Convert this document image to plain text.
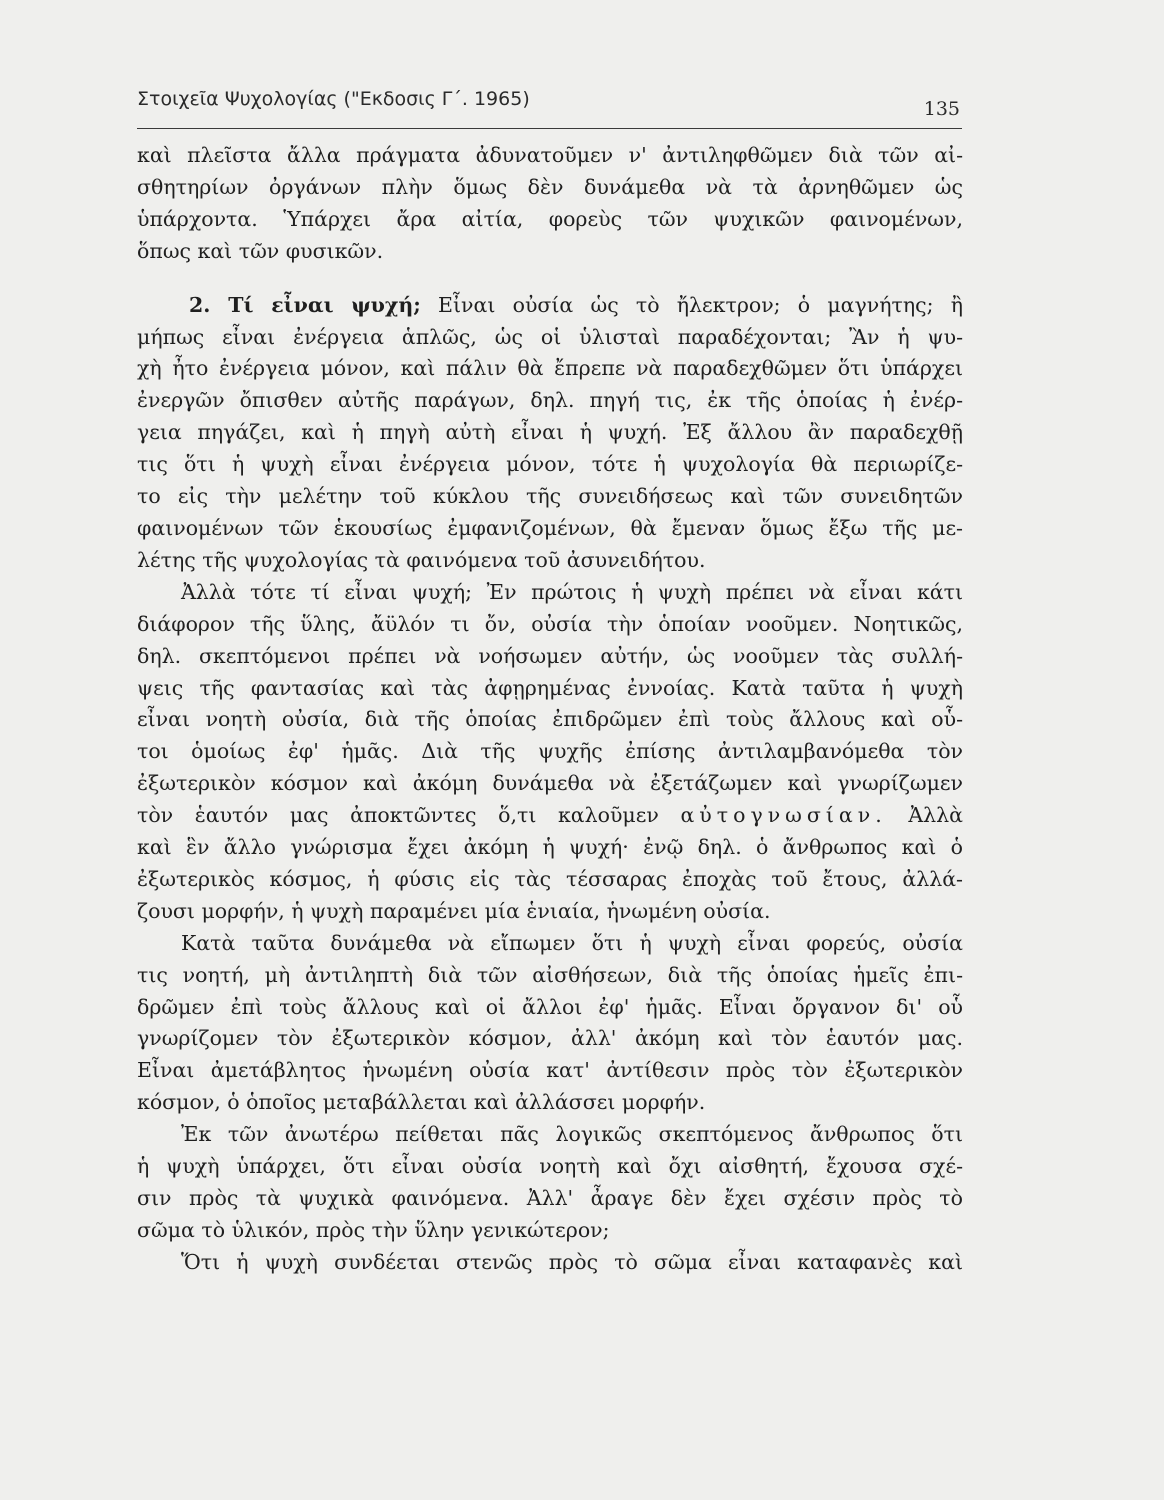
Στοιχεῖα Ψυχολογίας ("Εκδοσις Γ΄. 1965)	135
καὶ πλεῖστα ἄλλα πράγματα ἀδυνατοῦμεν ν' ἀντιληφθῶμεν διὰ τῶν αἰ-
σθητηρίων ὀργάνων πλὴν ὅμως δὲν δυνάμεθα νὰ τὰ ἀρνηθῶμεν ὡς
ὑπάρχοντα. Ὑπάρχει ἄρα αἰτία, φορεὺς τῶν ψυχικῶν φαινομένων,
ὅπως καὶ τῶν φυσικῶν.
2. Τί εἶναι ψυχή; Εἶναι οὐσία ὡς τὸ ἤλεκτρον; ὁ μαγνήτης; ἢ
μήπως εἶναι ἐνέργεια ἁπλῶς, ὡς οἱ ὑλισταὶ παραδέχονται; Ἂν ἡ ψυ-
χὴ ἦτο ἐνέργεια μόνον, καὶ πάλιν θὰ ἔπρεπε νὰ παραδεχθῶμεν ὅτι ὑπάρχει
ἐνεργῶν ὄπισθεν αὐτῆς παράγων, δηλ. πηγή τις, ἐκ τῆς ὁποίας ἡ ἐνέρ-
γεια πηγάζει, καὶ ἡ πηγὴ αὐτὴ εἶναι ἡ ψυχή. Ἐξ ἄλλου ἂν παραδεχθῇ
τις ὅτι ἡ ψυχὴ εἶναι ἐνέργεια μόνον, τότε ἡ ψυχολογία θὰ περιωρίζε-
το εἰς τὴν μελέτην τοῦ κύκλου τῆς συνειδήσεως καὶ τῶν συνειδητῶν
φαινομένων τῶν ἑκουσίως ἐμφανιζομένων, θὰ ἔμεναν ὅμως ἔξω τῆς με-
λέτης τῆς ψυχολογίας τὰ φαινόμενα τοῦ ἀσυνειδήτου.
Ἀλλὰ τότε τί εἶναι ψυχή; Ἐν πρώτοις ἡ ψυχὴ πρέπει νὰ εἶναι κάτι
διάφορον τῆς ὕλης, ἄϋλόν τι ὄν, οὐσία τὴν ὁποίαν νοοῦμεν. Νοητικῶς,
δηλ. σκεπτόμενοι πρέπει νὰ νοήσωμεν αὐτήν, ὡς νοοῦμεν τὰς συλλή-
ψεις τῆς φαντασίας καὶ τὰς ἀφῃρημένας ἐννοίας. Κατὰ ταῦτα ἡ ψυχὴ
εἶναι νοητὴ οὐσία, διὰ τῆς ὁποίας ἐπιδρῶμεν ἐπὶ τοὺς ἄλλους καὶ οὗ-
τοι ὁμοίως ἐφ' ἡμᾶς. Διὰ τῆς ψυχῆς ἐπίσης ἀντιλαμβανόμεθα τὸν
ἐξωτερικὸν κόσμον καὶ ἀκόμη δυνάμεθα νὰ ἐξετάζωμεν καὶ γνωρίζωμεν
τὸν ἑαυτόν μας ἀποκτῶντες ὅ,τι καλοῦμεν αὐτογνωσίαν. Ἀλλὰ
καὶ ἓν ἄλλο γνώρισμα ἔχει ἀκόμη ἡ ψυχή· ἐνῷ δηλ. ὁ ἄνθρωπος καὶ ὁ
ἐξωτερικὸς κόσμος, ἡ φύσις εἰς τὰς τέσσαρας ἐποχὰς τοῦ ἔτους, ἀλλά-
ζουσι μορφήν, ἡ ψυχὴ παραμένει μία ἑνιαία, ἡνωμένη οὐσία.
Κατὰ ταῦτα δυνάμεθα νὰ εἴπωμεν ὅτι ἡ ψυχὴ εἶναι φορεύς, οὐσία
τις νοητή, μὴ ἀντιληπτὴ διὰ τῶν αἰσθήσεων, διὰ τῆς ὁποίας ἡμεῖς ἐπι-
δρῶμεν ἐπὶ τοὺς ἄλλους καὶ οἱ ἄλλοι ἐφ' ἡμᾶς. Εἶναι ὄργανον δι' οὗ
γνωρίζομεν τὸν ἐξωτερικὸν κόσμον, ἀλλ' ἀκόμη καὶ τὸν ἑαυτόν μας.
Εἶναι ἀμετάβλητος ἡνωμένη οὐσία κατ' ἀντίθεσιν πρὸς τὸν ἐξωτερικὸν
κόσμον, ὁ ὁποῖος μεταβάλλεται καὶ ἀλλάσσει μορφήν.
Ἐκ τῶν ἀνωτέρω πείθεται πᾶς λογικῶς σκεπτόμενος ἄνθρωπος ὅτι
ἡ ψυχὴ ὑπάρχει, ὅτι εἶναι οὐσία νοητὴ καὶ ὄχι αἰσθητή, ἔχουσα σχέ-
σιν πρὸς τὰ ψυχικὰ φαινόμενα. Ἀλλ' ἆραγε δὲν ἔχει σχέσιν πρὸς τὸ
σῶμα τὸ ὑλικόν, πρὸς τὴν ὕλην γενικώτερον;
Ὅτι ἡ ψυχὴ συνδέεται στενῶς πρὸς τὸ σῶμα εἶναι καταφανὲς καὶ
